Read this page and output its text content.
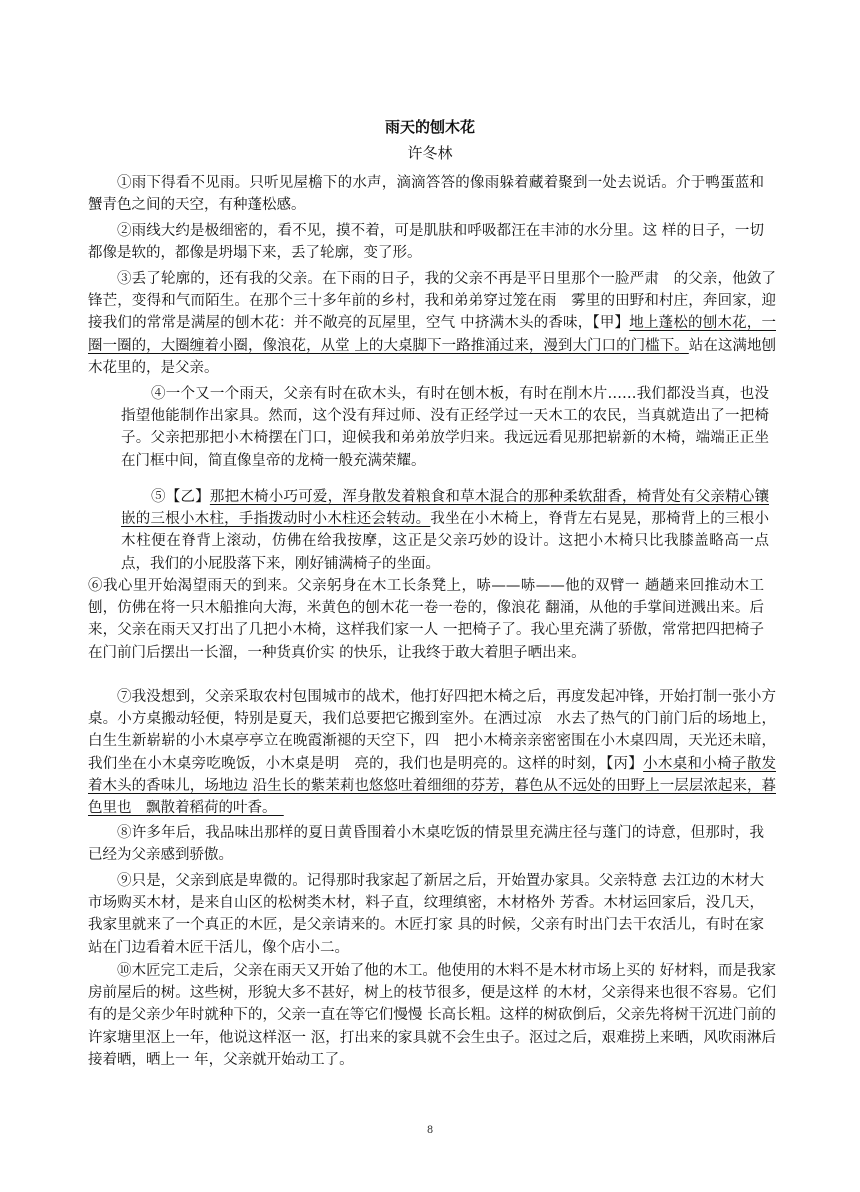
雨天的刨木花
许冬林

①雨下得看不见雨。只听见屋檐下的水声，滴滴答答的像雨躲着藏着聚到一处去说话。介于鸭蛋蓝和蟹青色之间的天空，有种蓬松感。

②雨线大约是极细密的，看不见，摸不着，可是肌肤和呼吸都汪在丰沛的水分里。这 样的日子，一切都像是软的，都像是坍塌下来，丢了轮廓，变了形。

③丢了轮廓的，还有我的父亲。在下雨的日子，我的父亲不再是平日里那个一脸严肃　的父亲，他敛了锋芒，变得和气而陌生。在那个三十多年前的乡村，我和弟弟穿过笼在雨　雾里的田野和村庄，奔回家，迎接我们的常常是满屋的刨木花：并不敞亮的瓦屋里，空气 中挤满木头的香味，【甲】地上蓬松的刨木花，一圈一圈的，大圈缠着小圈，像浪花，从堂 上的大桌脚下一路推涌过来，漫到大门口的门槛下。站在这满地刨木花里的，是父亲。

④一个又一个雨天，父亲有时在砍木头，有时在刨木板，有时在削木片……我们都没当真，也没指望他能制作出家具。然而，这个没有拜过师、没有正经学过一天木工的农民，当真就造出了一把椅子。父亲把那把小木椅摆在门口，迎候我和弟弟放学归来。我远远看见那把崭新的木椅，端端正正坐在门框中间，简直像皇帝的龙椅一般充满荣耀。

⑤【乙】那把木椅小巧可爱，浑身散发着粮食和草木混合的那种柔软甜香，椅背处有父亲精心镶嵌的三根小木柱，手指拨动时小木柱还会转动。我坐在小木椅上，脊背左右晃晃，那椅背上的三根小木柱便在脊背上滚动，仿佛在给我按摩，这正是父亲巧妙的设计。这把小木椅只比我膝盖略高一点点，我们的小屁股落下来，刚好铺满椅子的坐面。

⑥我心里开始渴望雨天的到来。父亲躬身在木工长条凳上，哧——哧——他的双臂一 趟趟来回推动木工刨，仿佛在将一只木船推向大海，米黄色的刨木花一卷一卷的，像浪花 翻涌，从他的手掌间迸溅出来。后来，父亲在雨天又打出了几把小木椅，这样我们家一人 一把椅子了。我心里充满了骄傲，常常把四把椅子在门前门后摆出一长溜，一种货真价实 的快乐，让我终于敢大着胆子晒出来。

⑦我没想到，父亲采取农村包围城市的战术，他打好四把木椅之后，再度发起冲锋，开始打制一张小方桌。小方桌搬动轻便，特别是夏天，我们总要把它搬到室外。在洒过凉　水去了热气的门前门后的场地上，白生生新崭崭的小木桌亭亭立在晚霞渐褪的天空下，四　把小木椅亲亲密密围在小木桌四周，天光还未暗，我们坐在小木桌旁吃晚饭，小木桌是明　亮的，我们也是明亮的。这样的时刻，【丙】小木桌和小椅子散发着木头的香味儿，场地边 沿生长的紫茉莉也悠悠吐着细细的芬芳，暮色从不远处的田野上一层层浓起来，暮色里也　飘散着稻荷的叶香。　

⑧许多年后，我品味出那样的夏日黄昏围着小木桌吃饭的情景里充满庄径与蓬门的诗意，但那时，我已经为父亲感到骄傲。

⑨只是，父亲到底是卑微的。记得那时我家起了新居之后，开始置办家具。父亲特意 去江边的木材大市场购买木材，是来自山区的松树类木材，料子直，纹理缜密，木材格外 芳香。木材运回家后，没几天，我家里就来了一个真正的木匠，是父亲请来的。木匠打家 具的时候，父亲有时出门去干农活儿，有时在家站在门边看着木匠干活儿，像个店小二。

⑩木匠完工走后，父亲在雨天又开始了他的木工。他使用的木料不是木材市场上买的 好材料，而是我家房前屋后的树。这些树，形貌大多不甚好，树上的枝节很多，便是这样 的木材，父亲得来也很不容易。它们有的是父亲少年时就种下的，父亲一直在等它们慢慢 长高长粗。这样的树砍倒后，父亲先将树干沉进门前的许家塘里沤上一年，他说这样沤一 沤，打出来的家具就不会生虫子。沤过之后，艰难捞上来晒，风吹雨淋后接着晒，晒上一 年，父亲就开始动工了。

8
